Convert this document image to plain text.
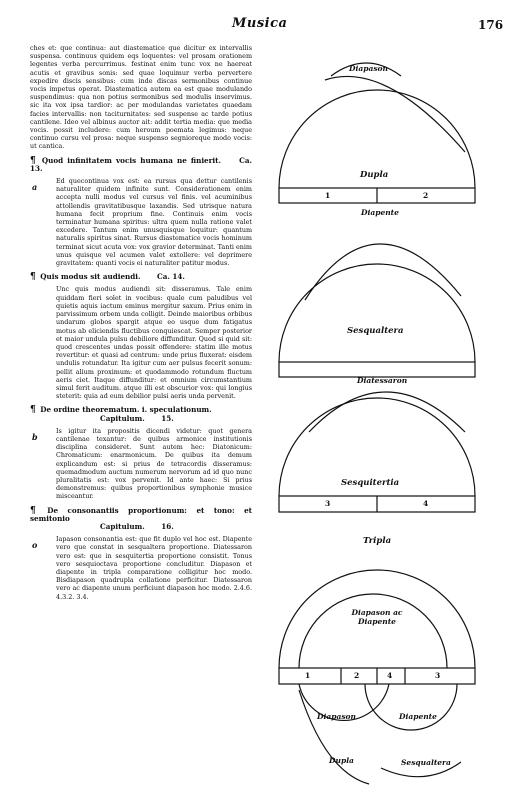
Musica	176

ches et: que continua: aut diastematice que dicitur ex intervallis suspensa. continuus quidem eqs loquentes: vel prosam orationem legentes verba percurrimus. festinat enim tunc vox ne haereat acutis et gravibus sonis: sed quae loquimur verba pervertere expedire discis sensibus: cum inde discas sermonibus continue vocis impetus operat. Diastematica autem ea est quae modulando suspendimus: qua non potius sermonibus sed modulis inservimus. sic ita vox ipsa tardior: ac per modulandas varietates quaedam facies intervallis: non taciturnitates: sed suspense ac tarde potius cantilene. Ideo vel albinus auctor ait: addit tertia media: que media vocis. possit includere: cum heroum poemata legimus: neque continuo cursu vel prosa: neque suspenso segnioreque modo vocis: ut cantica.

¶ Quod infinitatem vocis humana ne finierit.	Ca. 13.
a
Ed quecontinua vox est: ea rursus qua dettur cantilenis naturaliter quidem infinite sunt. Considerationem enim accepta nulli modus vel cursus vel finis. vel acuminibus attollendis gravitatibusque laxandis. Sed utrisque natura humana fecit proprium fine. Continuis enim vocis terminatur humana spiritus: ultra quem nulla ratione valet excedere. Tantum enim unusquisque loquitur: quantum naturalis spiritus sinat. Rursus diastematice vocis hominum terminat sicut acuta vox: vox gravior determinat. Tanti enim unus quisque vel acumen valet extollere: vel deprimere gravitatem: quanti vocis ei naturaliter patitur modus.
¶ Quis modus sit audiendi. Ca. 14.
Unc quis modus audiendi sit: disseramus. Tale enim quiddam fieri solet in vocibus: quale cum paludibus vel quietis aquis iactum eminus mergitur saxum. Prius enim in parvissimum orbem unda colligit. Deinde maioribus orbibus undarum globos spargit atque eo usque dum fatigatus motus ab eliciendis fluctibus conquiescat. Semper posterior et maior undula pulsu debiliore diffunditur. Quod si quid sit: quod crescentes undas possit offendere: statim ille motus revertitur: et quasi ad centrum: unde prius fluxerat: eisdem undulis rotundatur. Ita igitur cum aer pulsus fecerit sonum: pellit alium proximum: et quodammodo rotundum fluctum aeris ciet. Itaque diffunditur: et omnium circumstantium simul ferit auditum. atque illi est obscurior vox: qui longius steterit: quia ad eum debilior pulsi aeris unda pervenit.
¶ De ordine theorematum. i. speculationum.
Capitulum. 15.
b
Is igitur ita propositis dicendi videtur: quot genera cantilenae texantur: de quibus armonice institutionis disciplina consideret. Sunt autem hec: Diatonicum: Chromaticum: enarmonicum. De quibus ita demum explicandum est: si prius de tetracordis disseramus: quemadmodum auctum numerum nervorum ad id quo nunc pluralitatis est: vox pervenit. Id ante haec: Si prius demonstremus: quibus proportionibus symphonie musice misceantur.
¶ De consonantiis proportionum: et tono: et semitonio
Capitulum. 16.
o
Iapason consonantia est: que fit duplo vel hoc est. Diapente vero que constat in sesqualtera proportione. Diatessaron vero est: que in sesquitertia proportione consistit. Tonus vero sesquioctava proportione concluditur. Diapason et diapente in tripla comparatione colligitur hoc modo. Bisdiapason quadrupla collatione perficitur. Diatessaron vero ac diapente unum perficiunt diapason hoc modo. 2.4.6. 4.3.2. 3.4.
Diapason
Dupla
1	2
Diapente
Sesqualtera
Diatessaron
Sesquitertia
3	4
Tripla
Diapason ac Diapente
1	2	4	3
Diapason
Dupla
Diapente
Sesqualtera
